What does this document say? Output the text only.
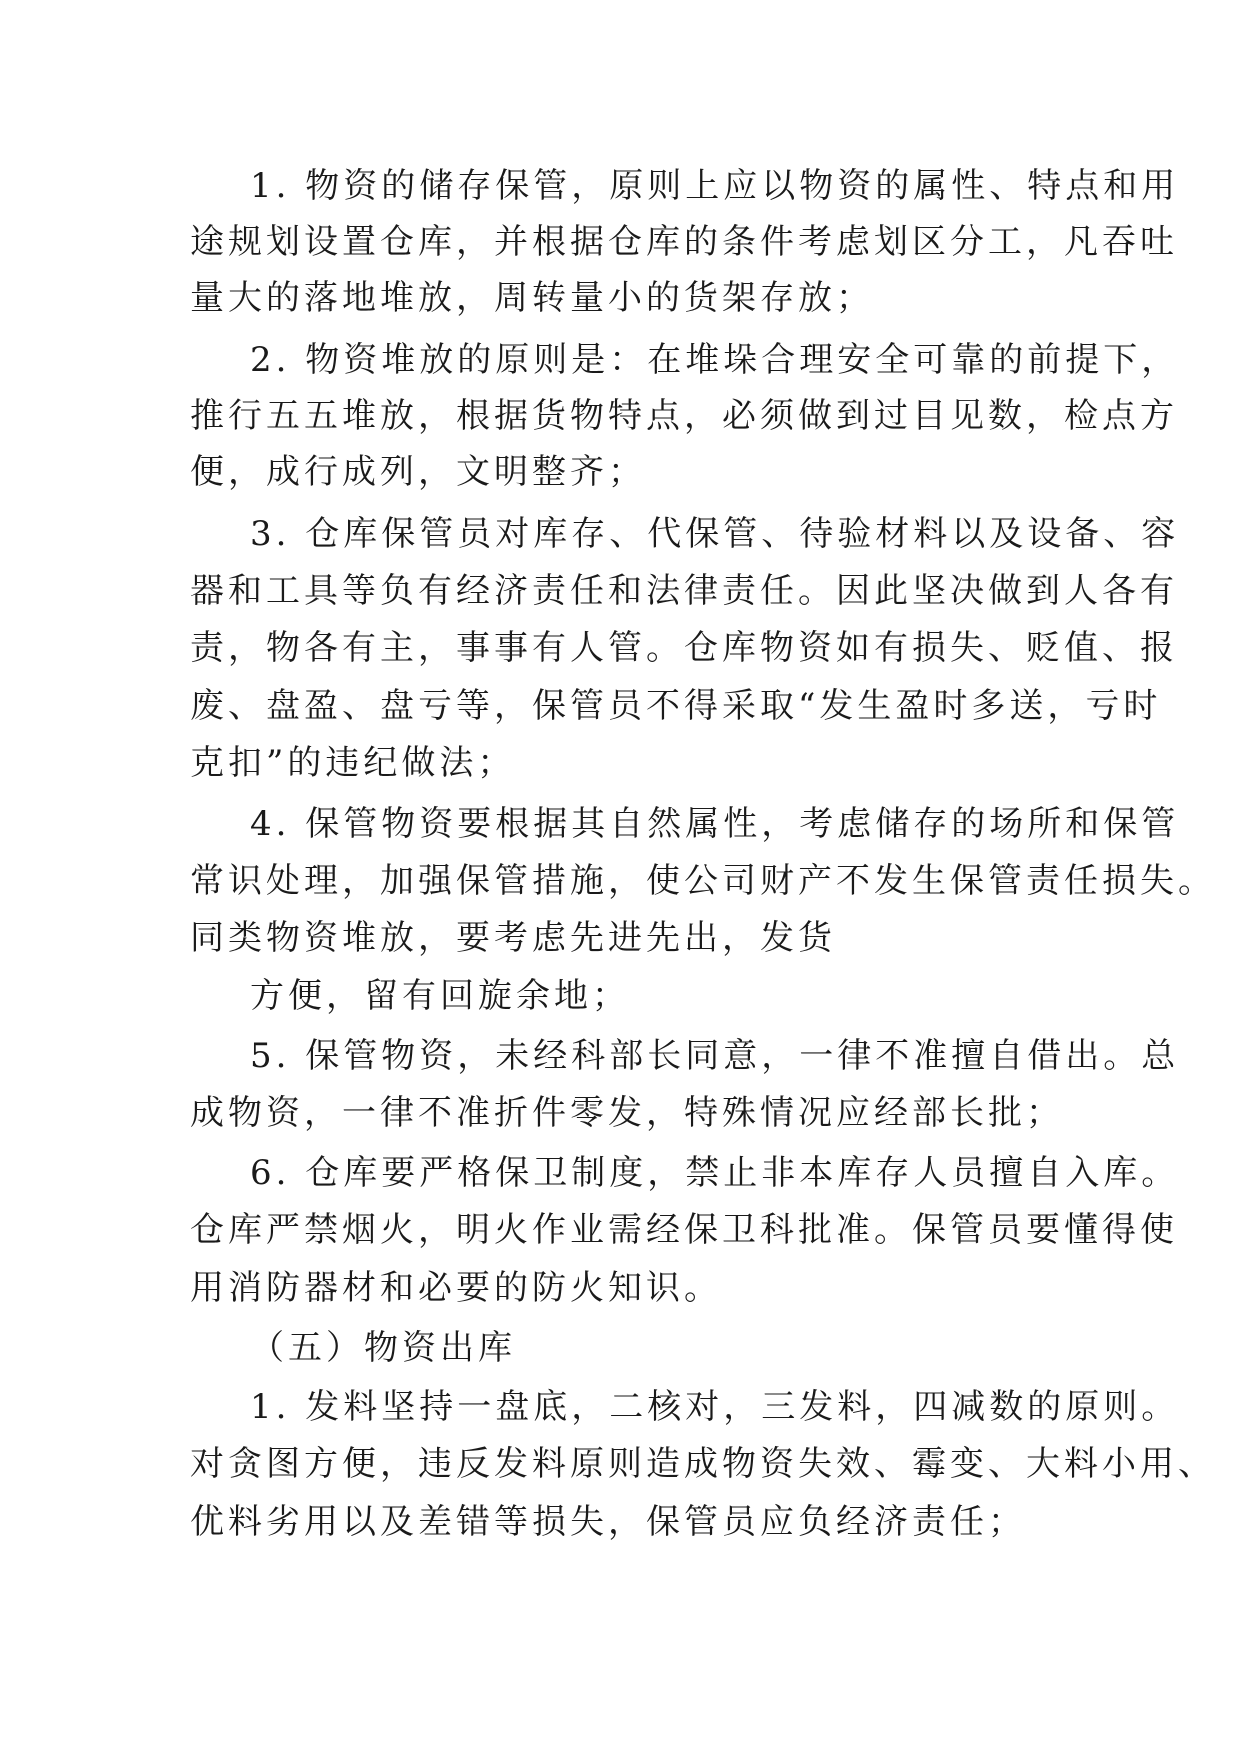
1. 物资的储存保管，原则上应以物资的属性、特点和用
途规划设置仓库，并根据仓库的条件考虑划区分工，凡吞吐
量大的落地堆放，周转量小的货架存放；
2. 物资堆放的原则是：在堆垛合理安全可靠的前提下，
推行五五堆放，根据货物特点，必须做到过目见数，检点方
便，成行成列，文明整齐；
3. 仓库保管员对库存、代保管、待验材料以及设备、容
器和工具等负有经济责任和法律责任。因此坚决做到人各有
责，物各有主，事事有人管。仓库物资如有损失、贬值、报
废、盘盈、盘亏等，保管员不得采取“发生盈时多送，亏时
克扣”的违纪做法；
4. 保管物资要根据其自然属性，考虑储存的场所和保管
常识处理，加强保管措施，使公司财产不发生保管责任损失。
同类物资堆放，要考虑先进先出，发货
方便，留有回旋余地；
5. 保管物资，未经科部长同意，一律不准擅自借出。总
成物资，一律不准折件零发，特殊情况应经部长批；
6. 仓库要严格保卫制度，禁止非本库存人员擅自入库。
仓库严禁烟火，明火作业需经保卫科批准。保管员要懂得使
用消防器材和必要的防火知识。
（五）物资出库
1. 发料坚持一盘底，二核对，三发料，四减数的原则。
对贪图方便，违反发料原则造成物资失效、霉变、大料小用、
优料劣用以及差错等损失，保管员应负经济责任；
